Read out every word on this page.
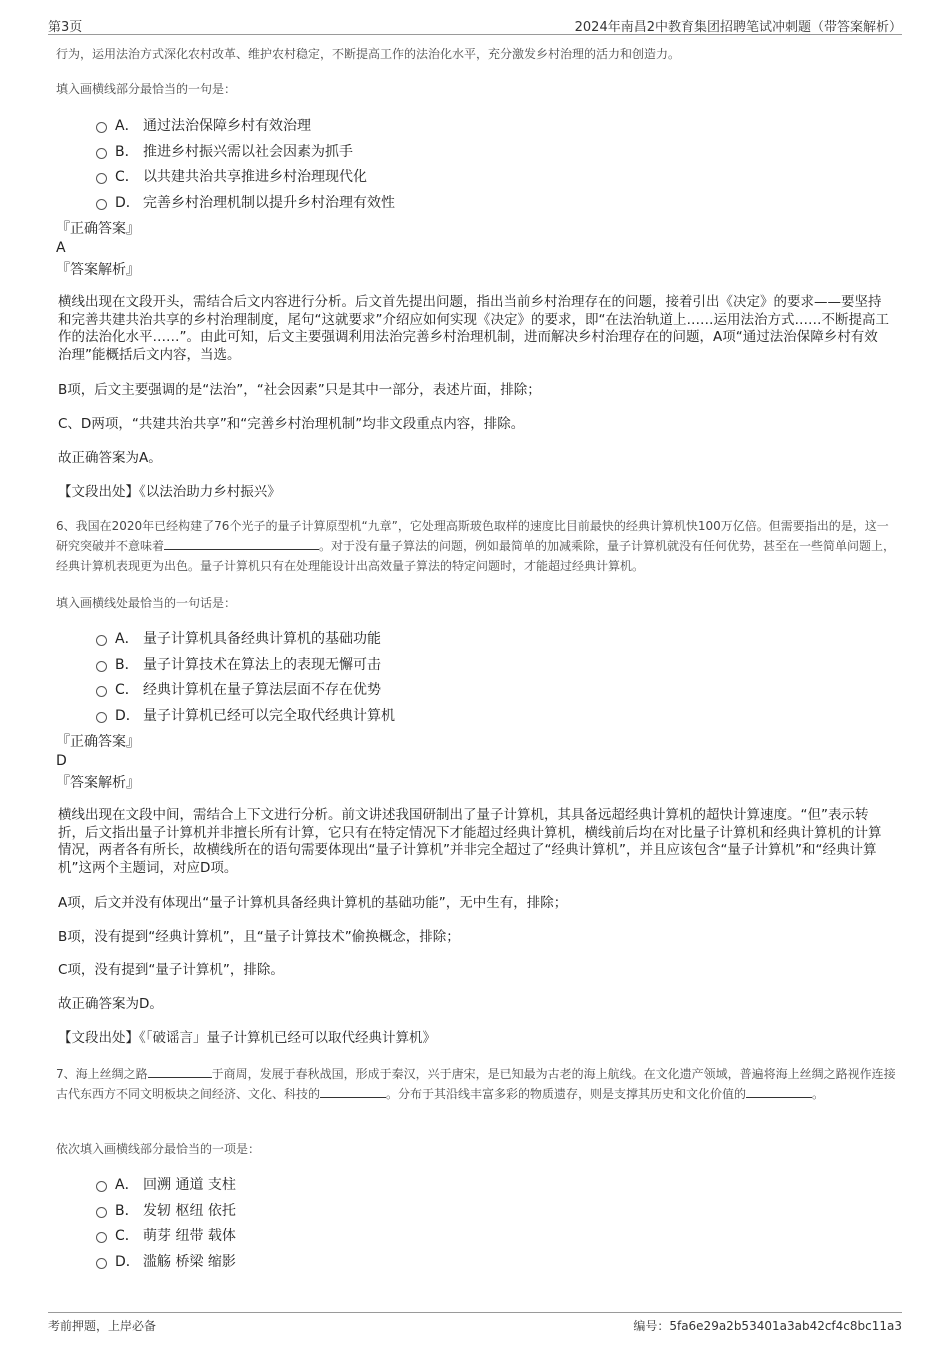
第3页	2024年南昌2中教育集团招聘笔试冲刺题（带答案解析）
行为，运用法治方式深化农村改革、维护农村稳定，不断提高工作的法治化水平，充分激发乡村治理的活力和创造力。
填入画横线部分最恰当的一句是：
A． 通过法治保障乡村有效治理
B． 推进乡村振兴需以社会因素为抓手
C． 以共建共治共享推进乡村治理现代化
D． 完善乡村治理机制以提升乡村治理有效性
『正确答案』
A
『答案解析』
横线出现在文段开头，需结合后文内容进行分析。后文首先提出问题，指出当前乡村治理存在的问题，接着引出《决定》的要求——要坚持和完善共建共治共享的乡村治理制度，尾句“这就要求”介绍应如何实现《决定》的要求，即“在法治轨道上……运用法治方式……不断提高工作的法治化水平……”。由此可知，后文主要强调利用法治完善乡村治理机制，进而解决乡村治理存在的问题，A项“通过法治保障乡村有效治理”能概括后文内容，当选。
B项，后文主要强调的是“法治”，“社会因素”只是其中一部分，表述片面，排除；
C、D两项，“共建共治共享”和“完善乡村治理机制”均非文段重点内容，排除。
故正确答案为A。
【文段出处】《以法治助力乡村振兴》
6、我国在2020年已经构建了76个光子的量子计算原型机“九章”，它处理高斯玻色取样的速度比目前最快的经典计算机快100万亿倍。但需要指出的是，这一研究突破并不意味着	。对于没有量子算法的问题，例如最简单的加减乘除，量子计算机就没有任何优势，甚至在一些简单问题上，经典计算机表现更为出色。量子计算机只有在处理能设计出高效量子算法的特定问题时，才能超过经典计算机。
填入画横线处最恰当的一句话是：
A． 量子计算机具备经典计算机的基础功能
B． 量子计算技术在算法上的表现无懈可击
C． 经典计算机在量子算法层面不存在优势
D． 量子计算机已经可以完全取代经典计算机
『正确答案』
D
『答案解析』
横线出现在文段中间，需结合上下文进行分析。前文讲述我国研制出了量子计算机，其具备远超经典计算机的超快计算速度。“但”表示转折，后文指出量子计算机并非擅长所有计算，它只有在特定情况下才能超过经典计算机，横线前后均在对比量子计算机和经典计算机的计算情况，两者各有所长，故横线所在的语句需要体现出“量子计算机”并非完全超过了“经典计算机”，并且应该包含“量子计算机”和“经典计算机”这两个主题词，对应D项。
A项，后文并没有体现出“量子计算机具备经典计算机的基础功能”，无中生有，排除；
B项，没有提到“经典计算机”，且“量子计算技术”偷换概念，排除；
C项，没有提到“量子计算机”，排除。
故正确答案为D。
【文段出处】《「破谣言」量子计算机已经可以取代经典计算机》
7、海上丝绸之路	于商周，发展于春秋战国，形成于秦汉，兴于唐宋，是已知最为古老的海上航线。在文化遗产领域，普遍将海上丝绸之路视作连接古代东西方不同文明板块之间经济、文化、科技的	。分布于其沿线丰富多彩的物质遗存，则是支撑其历史和文化价值的	。
依次填入画横线部分最恰当的一项是：
A． 回溯 通道 支柱
B． 发轫 枢纽 依托
C． 萌芽 纽带 载体
D． 滥觞 桥梁 缩影
考前押题，上岸必备	编号：5fa6e29a2b53401a3ab42cf4c8bc11a3
